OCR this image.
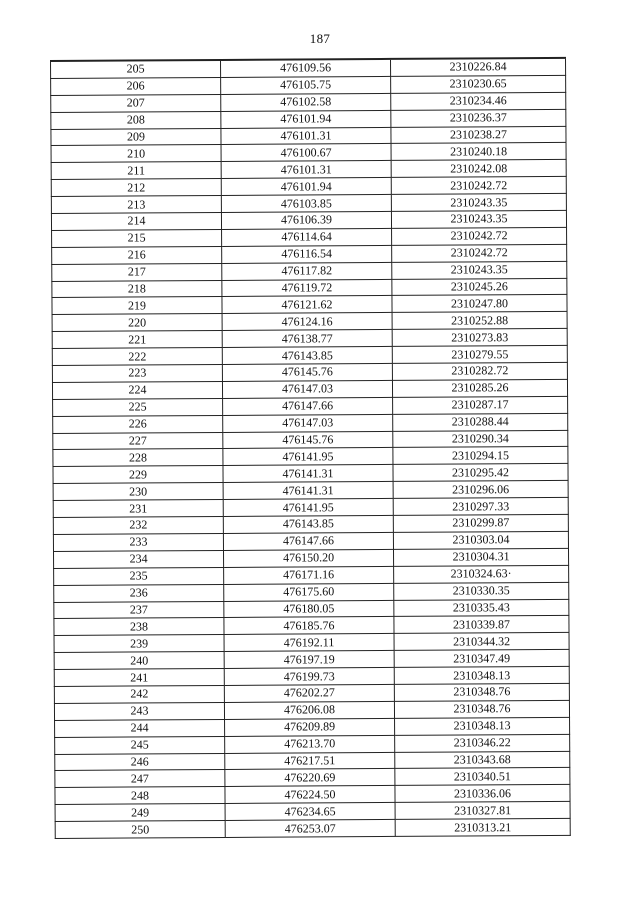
187
205	476109.56	2310226.84
206	476105.75	2310230.65
207	476102.58	2310234.46
208	476101.94	2310236.37
209	476101.31	2310238.27
210	476100.67	2310240.18
211	476101.31	2310242.08
212	476101.94	2310242.72
213	476103.85	2310243.35
214	476106.39	2310243.35
215	476114.64	2310242.72
216	476116.54	2310242.72
217	476117.82	2310243.35
218	476119.72	2310245.26
219	476121.62	2310247.80
220	476124.16	2310252.88
221	476138.77	2310273.83
222	476143.85	2310279.55
223	476145.76	2310282.72
224	476147.03	2310285.26
225	476147.66	2310287.17
226	476147.03	2310288.44
227	476145.76	2310290.34
228	476141.95	2310294.15
229	476141.31	2310295.42
230	476141.31	2310296.06
231	476141.95	2310297.33
232	476143.85	2310299.87
233	476147.66	2310303.04
234	476150.20	2310304.31
235	476171.16	2310324.63·
236	476175.60	2310330.35
237	476180.05	2310335.43
238	476185.76	2310339.87
239	476192.11	2310344.32
240	476197.19	2310347.49
241	476199.73	2310348.13
242	476202.27	2310348.76
243	476206.08	2310348.76
244	476209.89	2310348.13
245	476213.70	2310346.22
246	476217.51	2310343.68
247	476220.69	2310340.51
248	476224.50	2310336.06
249	476234.65	2310327.81
250	476253.07	2310313.21
